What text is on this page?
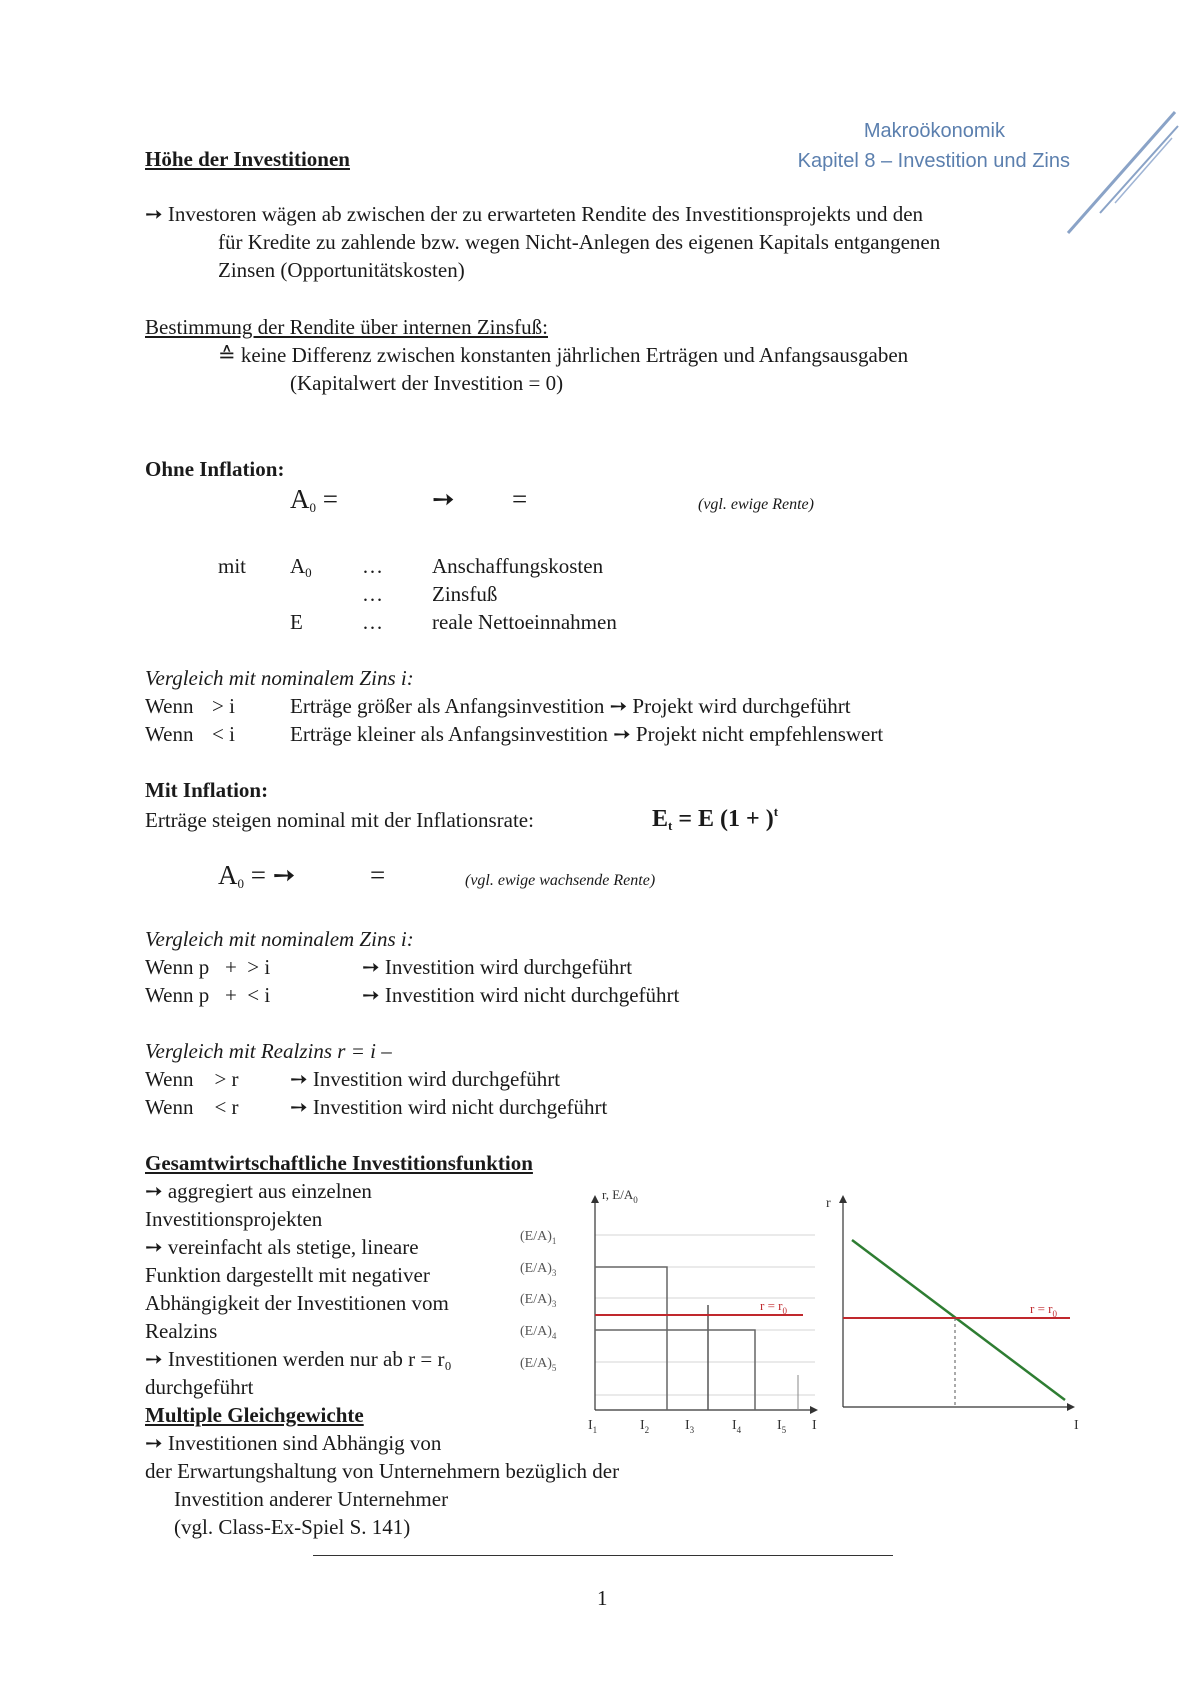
Makroökonomik
Kapitel 8 – Investition und Zins
Höhe der Investitionen
➙ Investoren wägen ab zwischen der zu erwarteten Rendite des Investitionsprojekts und den
für Kredite zu zahlende bzw. wegen Nicht-Anlegen des eigenen Kapitals entgangenen
Zinsen (Opportunitätskosten)
Bestimmung der Rendite über internen Zinsfuß:
≙ keine Differenz zwischen konstanten jährlichen Erträgen und Anfangsausgaben
(Kapitalwert der Investition = 0)
Ohne Inflation:
$A_0$ =	➙ =	(vgl. ewige Rente)
mit $A_0$ … Anschaffungskosten
… Zinsfuß
E	… reale Nettoeinnahmen
Vergleich mit nominalem Zins i:
Wenn > i	Erträge größer als Anfangsinvestition ➙ Projekt wird durchgeführt
Wenn < i	Erträge kleiner als Anfangsinvestition ➙ Projekt nicht empfehlenswert
Mit Inflation:
Erträge steigen nominal mit der Inflationsrate:	$E_t = E$ $(1 + )^t$
$A_0$ = ➙	=	(vgl. ewige wachsende Rente)
Vergleich mit nominalem Zins i:
Wenn p   +  > i	➙ Investition wird durchgeführt
Wenn p   +  < i	➙ Investition wird nicht durchgeführt
Vergleich mit Realzins r = i –
Wenn    > r ➙ Investition wird durchgeführt
Wenn    < r ➙ Investition wird nicht durchgeführt
Gesamtwirtschaftliche Investitionsfunktion
➙ aggregiert aus einzelnen
Investitionsprojekten
➙ vereinfacht als stetige, lineare
Funktion dargestellt mit negativer
Abhängigkeit der Investitionen vom
Realzins
➙ Investitionen werden nur ab r = r₀
durchgeführt
Multiple Gleichgewichte
➙ Investitionen sind Abhängig von
der Erwartungshaltung von Unternehmern bezüglich der
Investition anderer Unternehmer
(vgl. Class-Ex-Spiel S. 141)
$r = r_0$
r, $E/A_0$
$(E/A)_1$
$(E/A)_3$
$(E/A)_3$
$(E/A)_4$
$(E/A)_5$
$I_1$	$I_2$	$I_3$	$I_4$	$I_5$ I
r
I
$r = r_0$
1
